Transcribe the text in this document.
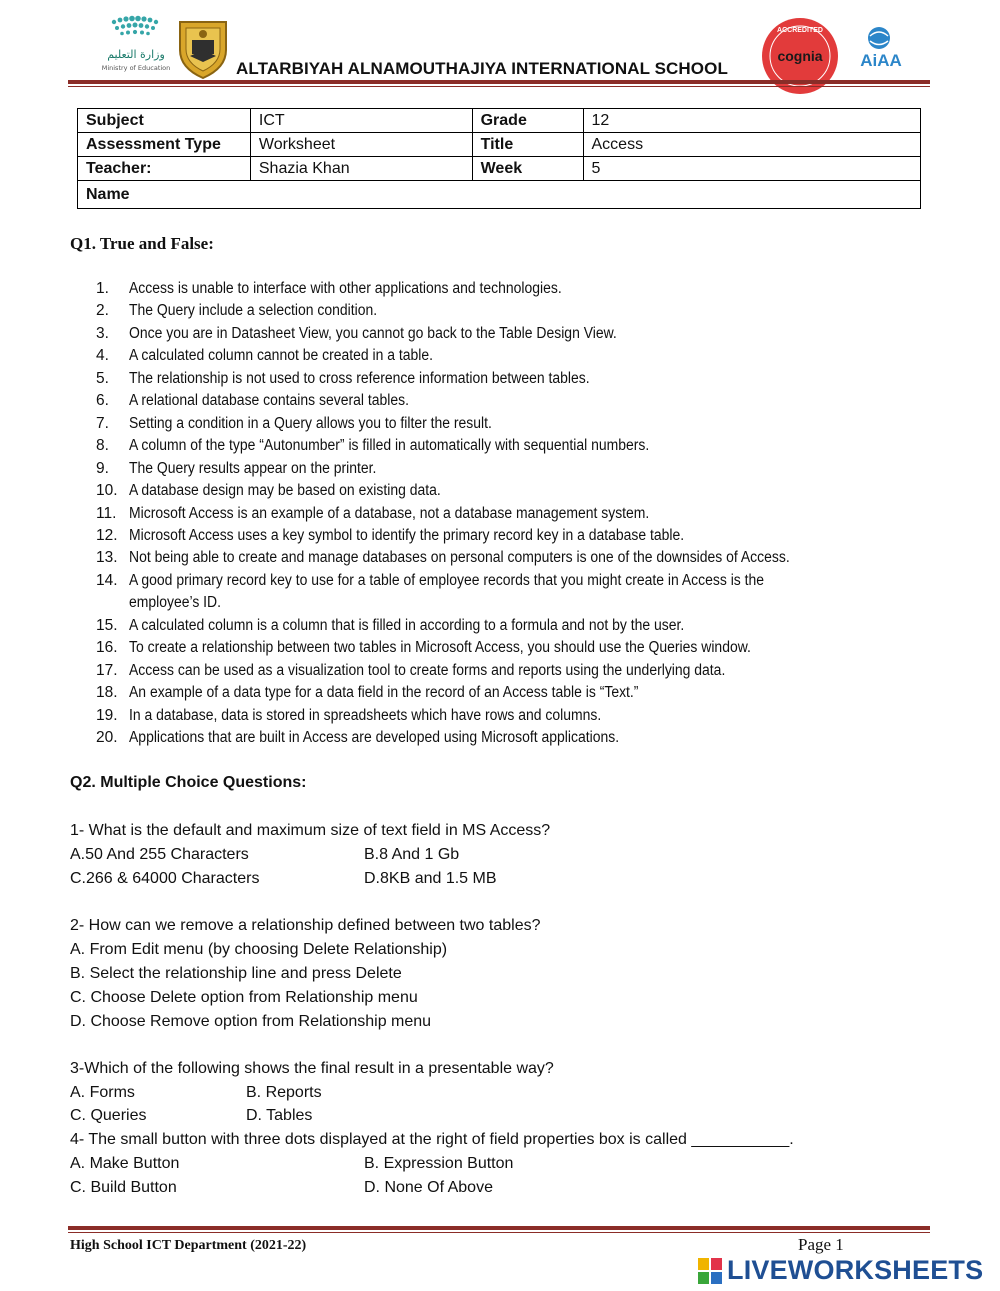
وزارة التعليم
Ministry of Education	ALTARBIYAH ALNAMOUTHAJIYA INTERNATIONAL SCHOOL
ACCREDITED
cognia AiAA
Subject	ICT	Grade	12
Assessment Type	Worksheet	Title	Access
Teacher:	Shazia Khan	Week	5
Name			
Q1. True and False:
1. Access is unable to interface with other applications and technologies.
2. The Query include a selection condition.
3. Once you are in Datasheet View, you cannot go back to the Table Design View.
4. A calculated column cannot be created in a table.
5. The relationship is not used to cross reference information between tables.
6. A relational database contains several tables.
7. Setting a condition in a Query allows you to filter the result.
8. A column of the type “Autonumber” is filled in automatically with sequential numbers.
9. The Query results appear on the printer.
10. A database design may be based on existing data.
11. Microsoft Access is an example of a database, not a database management system.
12. Microsoft Access uses a key symbol to identify the primary record key in a database table.
13. Not being able to create and manage databases on personal computers is one of the downsides of Access.
14. A good primary record key to use for a table of employee records that you might create in Access is the
employee’s ID.
15. A calculated column is a column that is filled in according to a formula and not by the user.
16. To create a relationship between two tables in Microsoft Access, you should use the Queries window.
17. Access can be used as a visualization tool to create forms and reports using the underlying data.
18. An example of a data type for a data field in the record of an Access table is “Text.”
19. In a database, data is stored in spreadsheets which have rows and columns.
20. Applications that are built in Access are developed using Microsoft applications.
Q2. Multiple Choice Questions:
1- What is the default and maximum size of text field in MS Access?
A.50 And 255 Characters	B.8 And 1 Gb
C.266 & 64000 Characters	D.8KB and 1.5 MB
2- How can we remove a relationship defined between two tables?
A. From Edit menu (by choosing Delete Relationship)
B. Select the relationship line and press Delete
C. Choose Delete option from Relationship menu
D. Choose Remove option from Relationship menu
3-Which of the following shows the final result in a presentable way?
A. Forms	B. Reports
C. Queries	D. Tables
4- The small button with three dots displayed at the right of field properties box is called ___________.
A. Make Button	B. Expression Button
C. Build Button	D. None Of Above
High School ICT Department (2021-22)	Page 1
LIVEWORKSHEETS
